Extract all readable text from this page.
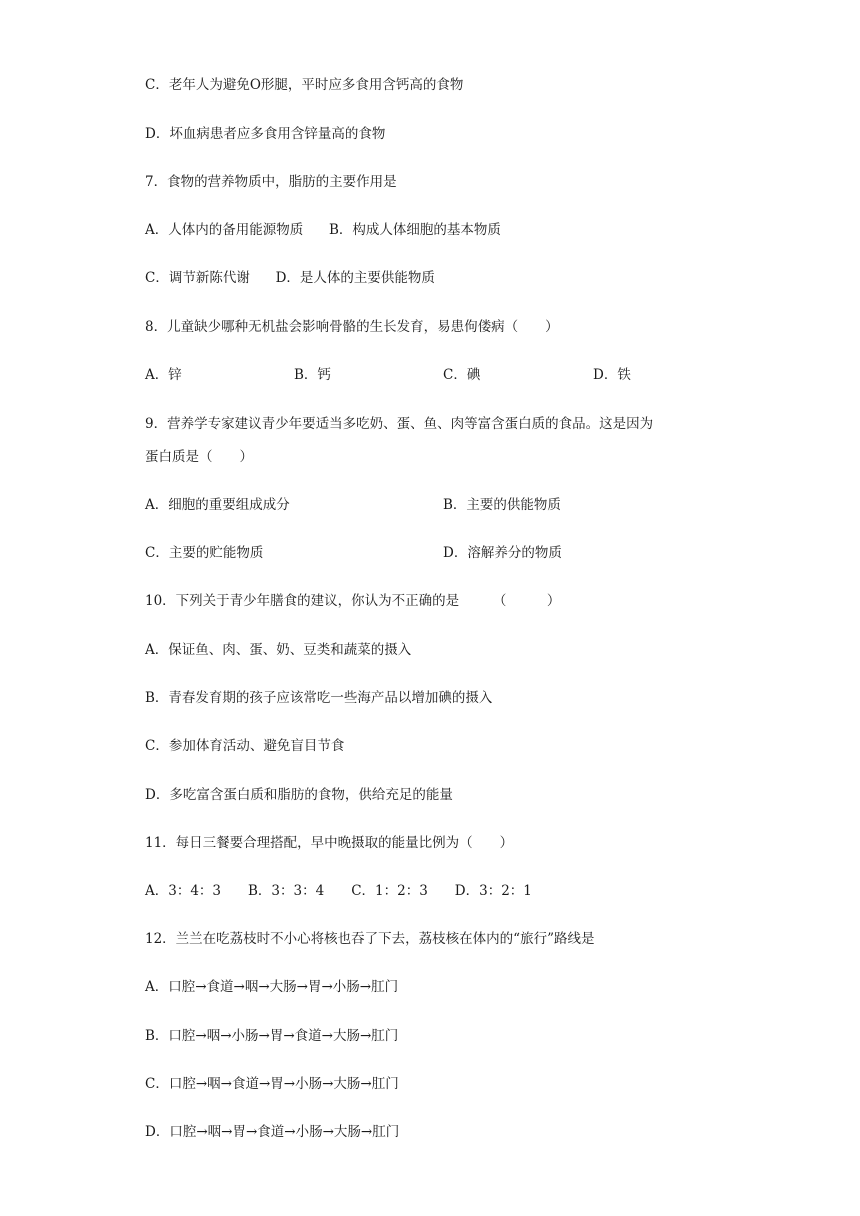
C．老年人为避免O形腿，平时应多食用含钙高的食物
D．坏血病患者应多食用含锌量高的食物
7．食物的营养物质中，脂肪的主要作用是
A．人体内的备用能源物质      B．构成人体细胞的基本物质
C．调节新陈代谢      D．是人体的主要供能物质
8．儿童缺少哪种无机盐会影响骨骼的生长发育，易患佝偻病（　　）
A．锌	B．钙	C．碘	D．铁
9．营养学专家建议青少年要适当多吃奶、蛋、鱼、肉等富含蛋白质的食品。这是因为
蛋白质是（　　）
A．细胞的重要组成成分	B．主要的供能物质
C．主要的贮能物质	D．溶解养分的物质
10．下列关于青少年膳食的建议，你认为不正确的是　　　（　　　）
A．保证鱼、肉、蛋、奶、豆类和蔬菜的摄入
B．青春发育期的孩子应该常吃一些海产品以增加碘的摄入
C．参加体育活动、避免盲目节食
D．多吃富含蛋白质和脂肪的食物，供给充足的能量
11．每日三餐要合理搭配，早中晚摄取的能量比例为（　　）
A．3：4：3　　B．3：3：4　　C．1：2：3　　D．3：2：1
12．兰兰在吃荔枝时不小心将核也吞了下去，荔枝核在体内的“旅行”路线是
A．口腔→食道→咽→大肠→胃→小肠→肛门
B．口腔→咽→小肠→胃→食道→大肠→肛门
C．口腔→咽→食道→胃→小肠→大肠→肛门
D．口腔→咽→胃→食道→小肠→大肠→肛门
